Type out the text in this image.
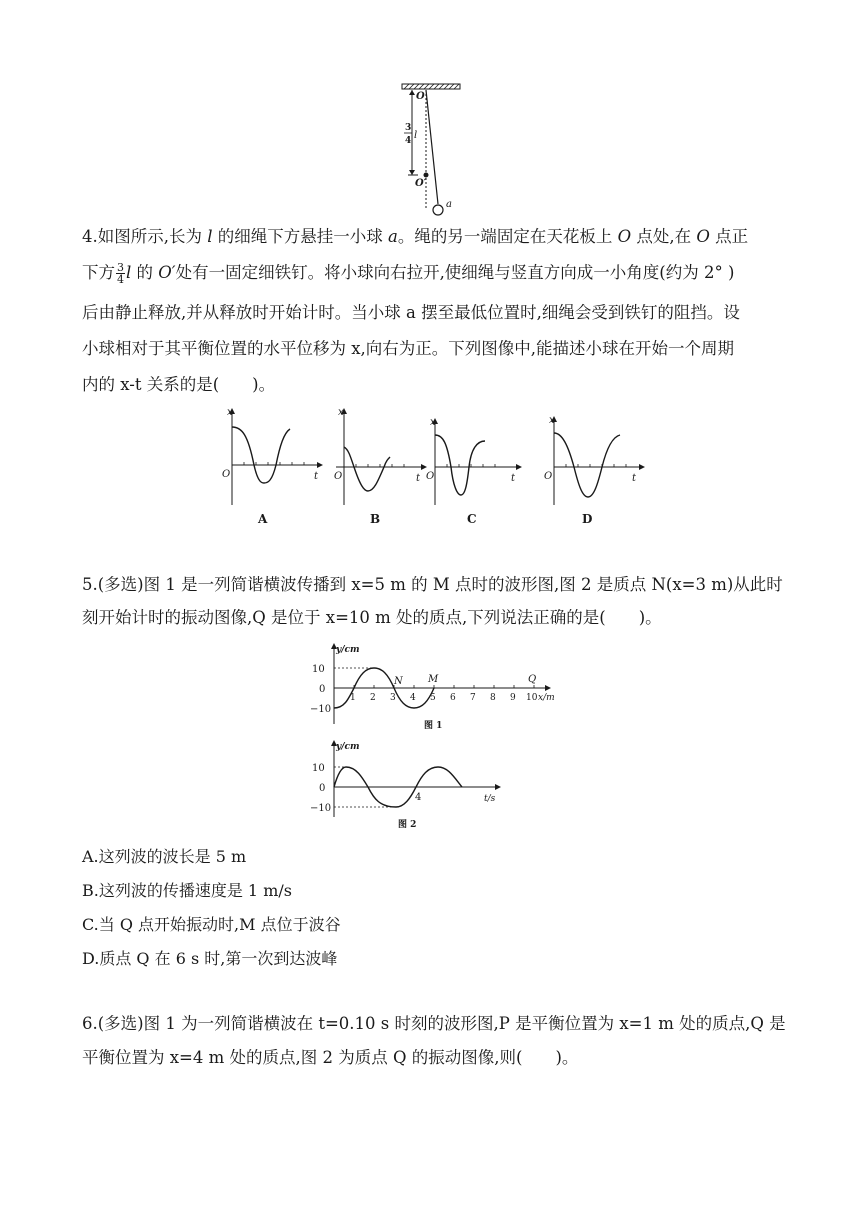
O
O′
a
3
4 l
4.如图所示,长为 l 的细绳下方悬挂一小球 a。绳的另一端固定在天花板上 O 点处,在 O 点正
下方 $\frac{3}{4}$ l 的 O′处有一固定细铁钉。将小球向右拉开,使细绳与竖直方向成一小角度(约为 2° )
后由静止释放,并从释放时开始计时。当小球 a 摆至最低位置时,细绳会受到铁钉的阻挡。设
小球相对于其平衡位置的水平位移为 x,向右为正。下列图像中,能描述小球在开始一个周期
内的 x-t 关系的是(　　)。
x
t
O
A
x
t
O
B
x
t
O
C
x
t
O
D
5.(多选)图 1 是一列简谐横波传播到 x=5 m 的 M 点时的波形图,图 2 是质点 N(x=3 m)从此时
刻开始计时的振动图像,Q 是位于 x=10 m 处的质点,下列说法正确的是(　　)。
y/cm
10
0
−10
1 2 3 4 5 6 7 8 9 10 x/m
N	M	Q
图 1
y/cm
10
0
−10
4	t/s
图 2
A.这列波的波长是 5 m
B.这列波的传播速度是 1 m/s
C.当 Q 点开始振动时,M 点位于波谷
D.质点 Q 在 6 s 时,第一次到达波峰
6.(多选)图 1 为一列简谐横波在 t=0.10 s 时刻的波形图,P 是平衡位置为 x=1 m 处的质点,Q 是
平衡位置为 x=4 m 处的质点,图 2 为质点 Q 的振动图像,则(　　)。
